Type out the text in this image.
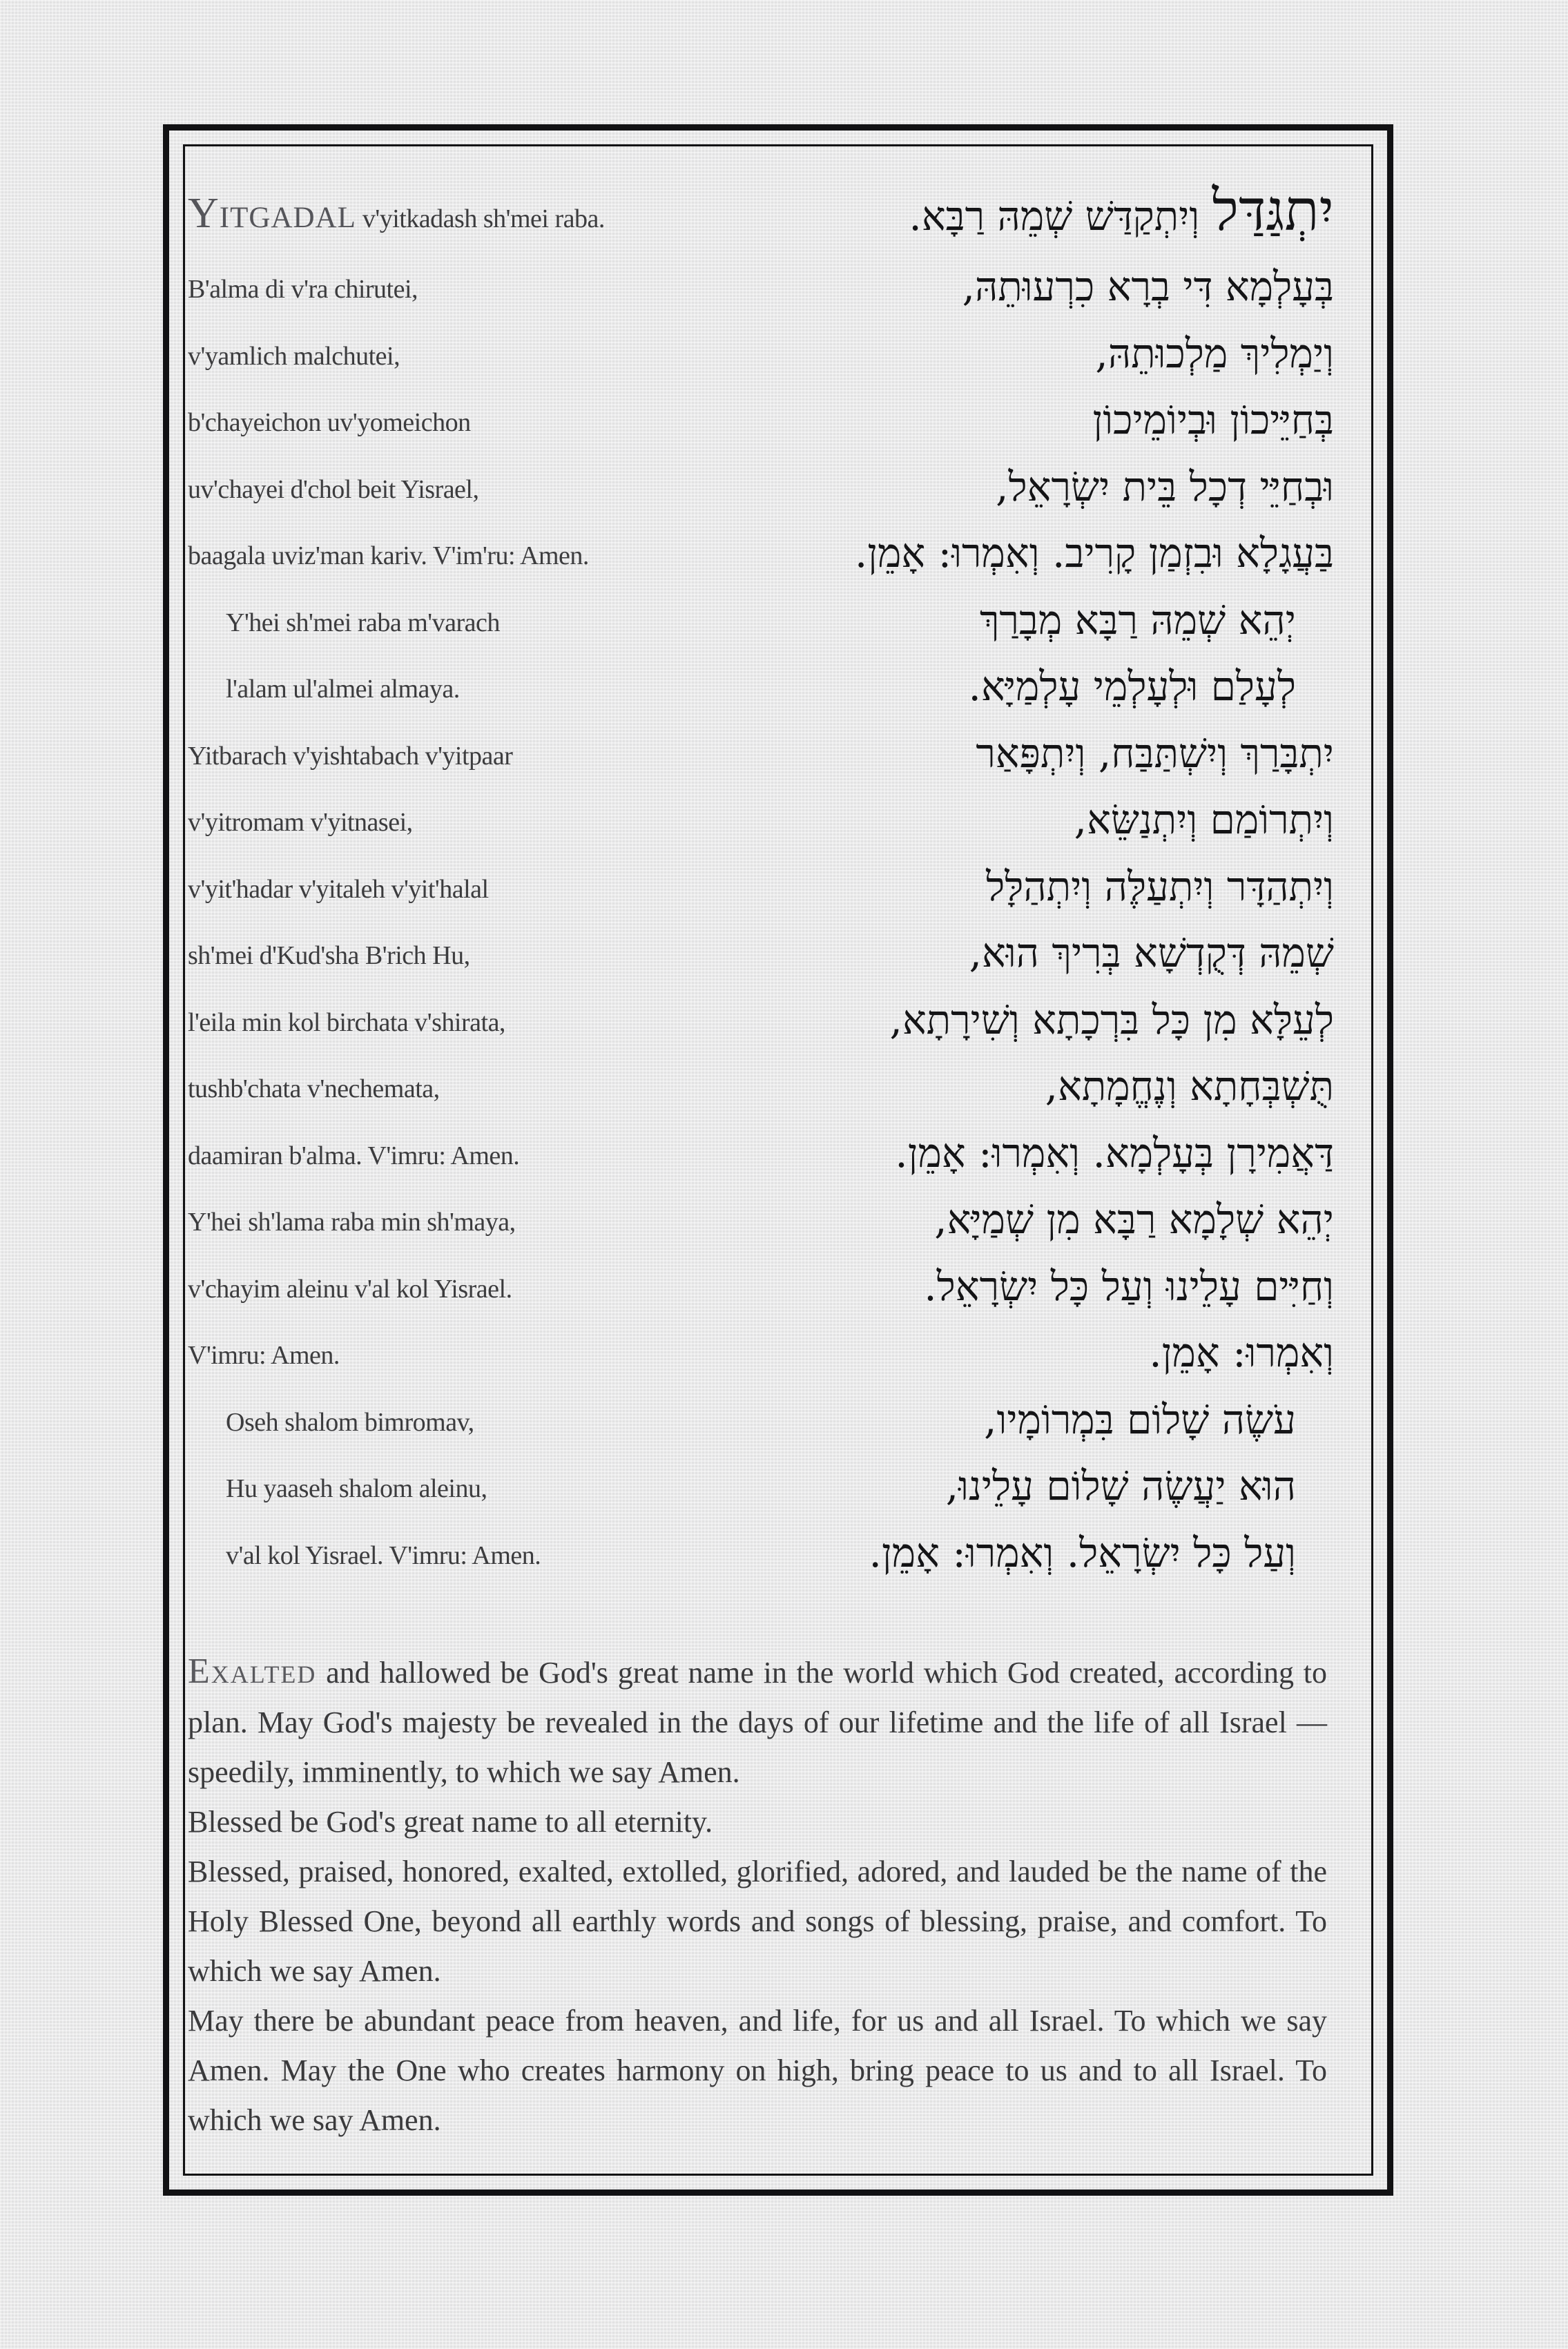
Yitgadal v'yitkadash sh'mei raba.	יִתְגַּדַּל וְיִתְקַדַּשׁ שְׁמֵהּ רַבָּא.
B'alma di v'ra chirutei,	בְּעָלְמָא דִּי בְרָא כִרְעוּתֵהּ,
v'yamlich malchutei,	וְיַמְלִיךְ מַלְכוּתֵהּ,
b'chayeichon uv'yomeichon	בְּחַיֵּיכוֹן וּבְיוֹמֵיכוֹן
uv'chayei d'chol beit Yisrael,	וּבְחַיֵּי דְכָל בֵּית יִשְׂרָאֵל,
baagala uviz'man kariv. V'im'ru: Amen.	בַּעֲגָלָא וּבִזְמַן קָרִיב. וְאִמְרוּ: אָמֵן.
Y'hei sh'mei raba m'varach	יְהֵא שְׁמֵהּ רַבָּא מְבָרַךְ
l'alam ul'almei almaya.	לְעָלַם וּלְעָלְמֵי עָלְמַיָּא.
Yitbarach v'yishtabach v'yitpaar	יִתְבָּרַךְ וְיִשְׁתַּבַּח, וְיִתְפָּאַר
v'yitromam v'yitnasei,	וְיִתְרוֹמַם וְיִתְנַשֵּׂא,
v'yit'hadar v'yitaleh v'yit'halal	וְיִתְהַדָּר וְיִתְעַלֶּה וְיִתְהַלָּל
sh'mei d'Kud'sha B'rich Hu,	שְׁמֵהּ דְּקֻדְשָׁא בְּרִיךְ הוּא,
l'eila min kol birchata v'shirata,	לְעֵלָּא מִן כָּל בִּרְכָתָא וְשִׁירָתָא,
tushb'chata v'nechemata,	תֻּשְׁבְּחָתָא וְנֶחֱמָתָא,
daamiran b'alma. V'imru: Amen.	דַּאֲמִירָן בְּעָלְמָא. וְאִמְרוּ: אָמֵן.
Y'hei sh'lama raba min sh'maya,	יְהֵא שְׁלָמָא רַבָּא מִן שְׁמַיָּא,
v'chayim aleinu v'al kol Yisrael.	וְחַיִּים עָלֵינוּ וְעַל כָּל יִשְׂרָאֵל.
V'imru: Amen.	וְאִמְרוּ: אָמֵן.
Oseh shalom bimromav,	עֹשֶׂה שָׁלוֹם בִּמְרוֹמָיו,
Hu yaaseh shalom aleinu,	הוּא יַעֲשֶׂה שָׁלוֹם עָלֵינוּ,
v'al kol Yisrael. V'imru: Amen.	וְעַל כָּל יִשְׂרָאֵל. וְאִמְרוּ: אָמֵן.

Exalted and hallowed be God's great name in the world which God created, according to plan. May God's majesty be revealed in the days of our lifetime and the life of all Israel — speedily, imminently, to which we say Amen.

Blessed be God's great name to all eternity.

Blessed, praised, honored, exalted, extolled, glorified, adored, and lauded be the name of the Holy Blessed One, beyond all earthly words and songs of blessing, praise, and comfort. To which we say Amen.

May there be abundant peace from heaven, and life, for us and all Israel. To which we say Amen. May the One who creates harmony on high, bring peace to us and to all Israel. To which we say Amen.
